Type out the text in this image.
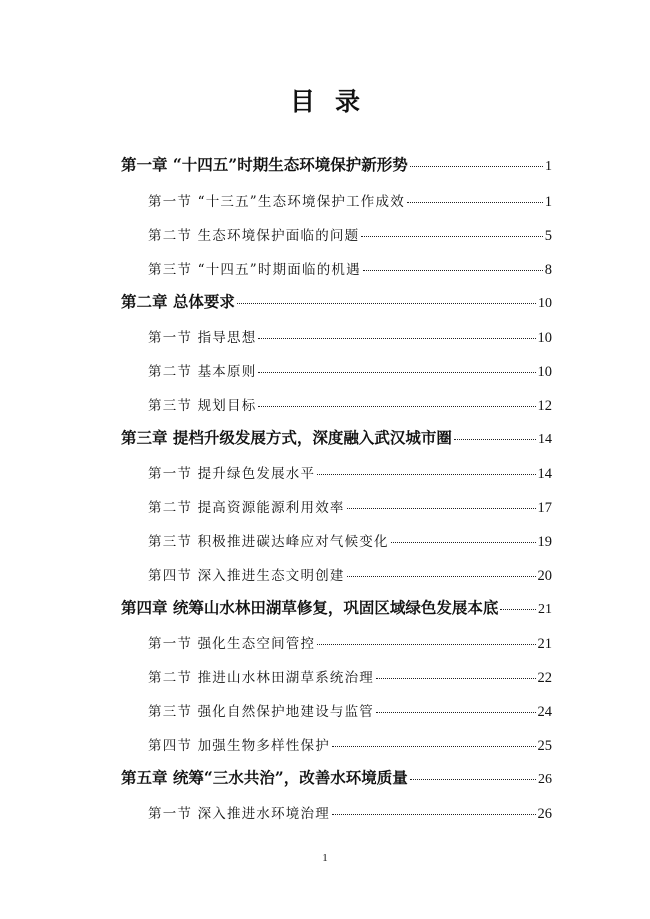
目录
第一章 “十四五”时期生态环境保护新形势	1
第一节 “十三五”生态环境保护工作成效	1
第二节 生态环境保护面临的问题	5
第三节 “十四五”时期面临的机遇	8
第二章 总体要求	10
第一节 指导思想	10
第二节 基本原则	10
第三节 规划目标	12
第三章 提档升级发展方式，深度融入武汉城市圈	14
第一节 提升绿色发展水平	14
第二节 提高资源能源利用效率	17
第三节 积极推进碳达峰应对气候变化	19
第四节 深入推进生态文明创建	20
第四章 统筹山水林田湖草修复，巩固区域绿色发展本底	21
第一节 强化生态空间管控	21
第二节 推进山水林田湖草系统治理	22
第三节 强化自然保护地建设与监管	24
第四节 加强生物多样性保护	25
第五章 统筹“三水共治”，改善水环境质量	26
第一节 深入推进水环境治理	26
1
